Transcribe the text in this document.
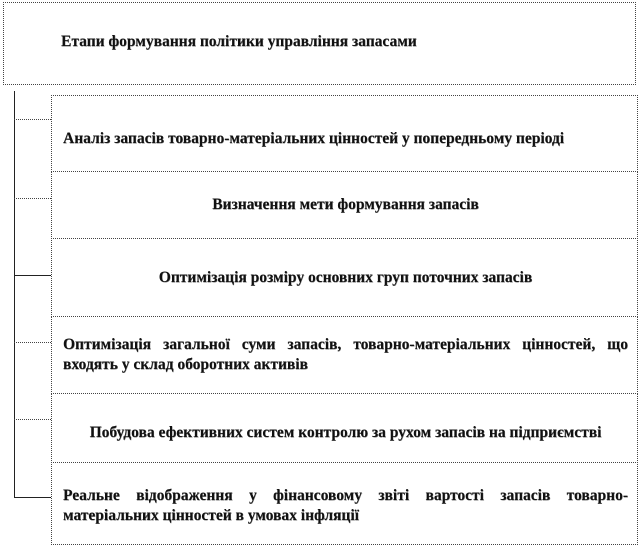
Етапи формування політики управління запасами
Аналіз запасів товарно-матеріальних цінностей у попередньому періоді
Визначення мети формування запасів
Оптимізація розміру основних груп поточних запасів
Оптимізація загальної суми запасів, товарно-матеріальних цінностей, що входять у склад оборотних активів
Побудова ефективних систем контролю за рухом запасів на підприємстві
Реальне відображення у фінансовому звіті вартості запасів товарно-матеріальних цінностей в умовах інфляції
